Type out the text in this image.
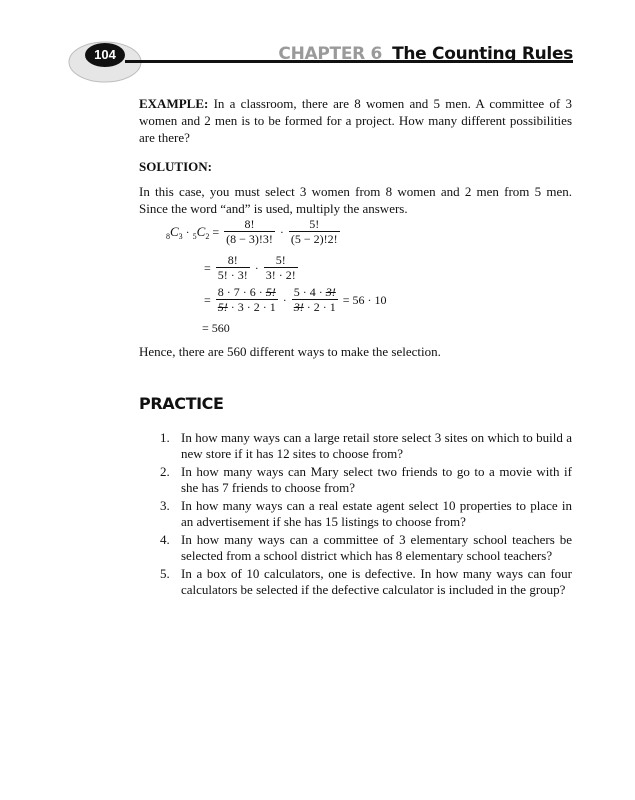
104	CHAPTER 6 The Counting Rules

EXAMPLE: In a classroom, there are 8 women and 5 men. A committee of 3 women and 2 men is to be formed for a project. How many different possibilities are there?

SOLUTION:

In this case, you must select 3 women from 8 women and 2 men from 5 men. Since the word “and” is used, multiply the answers.

$_8C_3 \cdot _5C_2 = \frac{8!}{(8 - 3)!3!} \cdot \frac{5!}{(5 - 2)!2!}$
= $\frac{8!}{5! \cdot 3!} \cdot \frac{5!}{3! \cdot 2!}$
= $\frac{8 \cdot 7 \cdot 6 \cdot 5!}{5! \cdot 3 \cdot 2 \cdot 1} \cdot \frac{5 \cdot 4 \cdot 3!}{3! \cdot 2 \cdot 1} = 56 \cdot 10$
= 560

Hence, there are 560 different ways to make the selection.

PRACTICE
1. In how many ways can a large retail store select 3 sites on which to build a new store if it has 12 sites to choose from?
2. In how many ways can Mary select two friends to go to a movie with if she has 7 friends to choose from?
3. In how many ways can a real estate agent select 10 properties to place in an advertisement if she has 15 listings to choose from?
4. In how many ways can a committee of 3 elementary school teachers be selected from a school district which has 8 elementary school teachers?
5. In a box of 10 calculators, one is defective. In how many ways can four calculators be selected if the defective calculator is included in the group?
